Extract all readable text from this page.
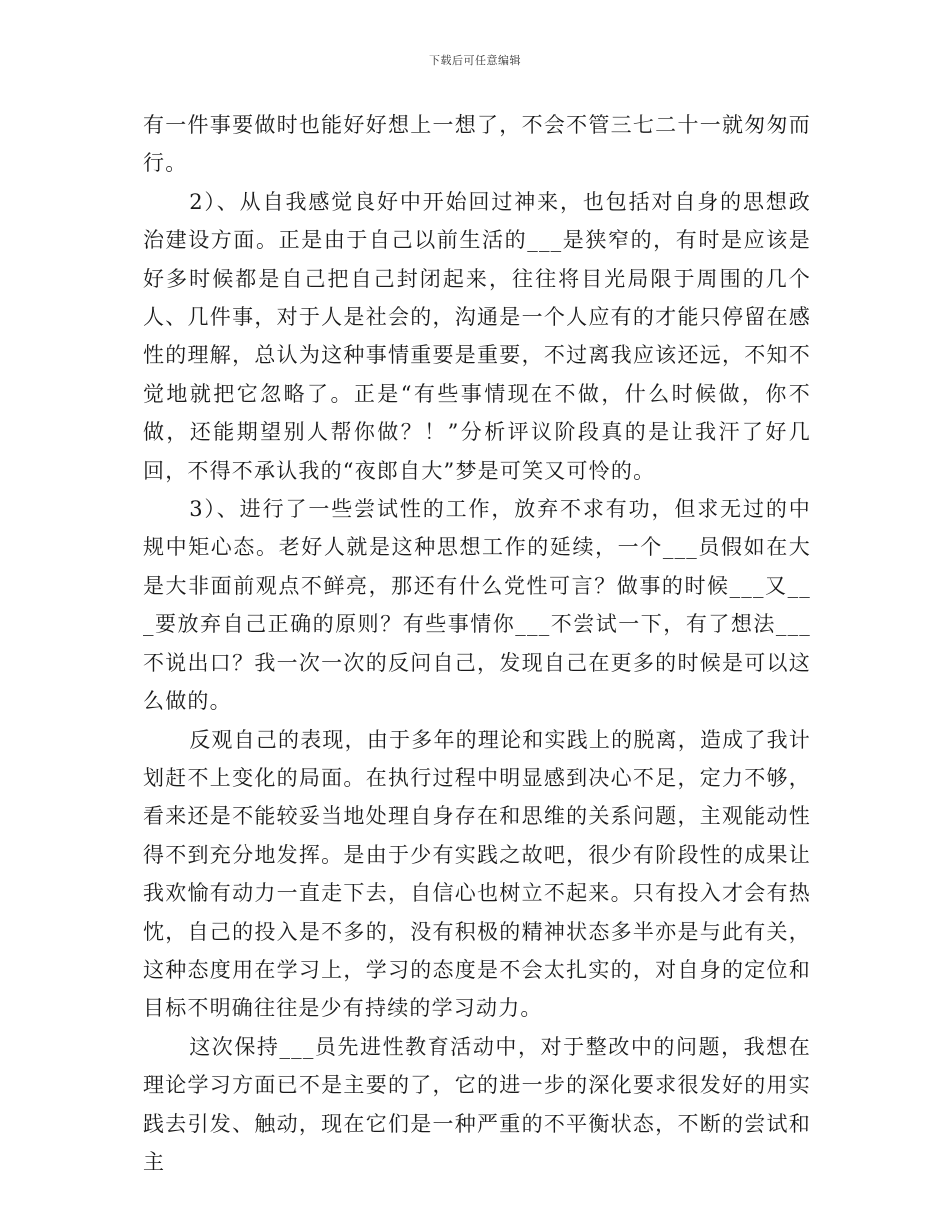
下载后可任意编辑

有一件事要做时也能好好想上一想了，不会不管三七二十一就匆匆而行。

2）、从自我感觉良好中开始回过神来，也包括对自身的思想政治建设方面。正是由于自己以前生活的___是狭窄的，有时是应该是好多时候都是自己把自己封闭起来，往往将目光局限于周围的几个人、几件事，对于人是社会的，沟通是一个人应有的才能只停留在感性的理解，总认为这种事情重要是重要，不过离我应该还远，不知不觉地就把它忽略了。正是“有些事情现在不做，什么时候做，你不做，还能期望别人帮你做？！”分析评议阶段真的是让我汗了好几回，不得不承认我的“夜郎自大”梦是可笑又可怜的。

3）、进行了一些尝试性的工作，放弃不求有功，但求无过的中规中矩心态。老好人就是这种思想工作的延续，一个___员假如在大是大非面前观点不鲜亮，那还有什么党性可言？做事的时候___又___要放弃自己正确的原则？有些事情你___不尝试一下，有了想法___不说出口？我一次一次的反问自己，发现自己在更多的时候是可以这么做的。

反观自己的表现，由于多年的理论和实践上的脱离，造成了我计划赶不上变化的局面。在执行过程中明显感到决心不足，定力不够，看来还是不能较妥当地处理自身存在和思维的关系问题，主观能动性得不到充分地发挥。是由于少有实践之故吧，很少有阶段性的成果让我欢愉有动力一直走下去，自信心也树立不起来。只有投入才会有热忱，自己的投入是不多的，没有积极的精神状态多半亦是与此有关，这种态度用在学习上，学习的态度是不会太扎实的，对自身的定位和目标不明确往往是少有持续的学习动力。

这次保持___员先进性教育活动中，对于整改中的问题，我想在理论学习方面已不是主要的了，它的进一步的深化要求很发好的用实践去引发、触动，现在它们是一种严重的不平衡状态，不断的尝试和主
